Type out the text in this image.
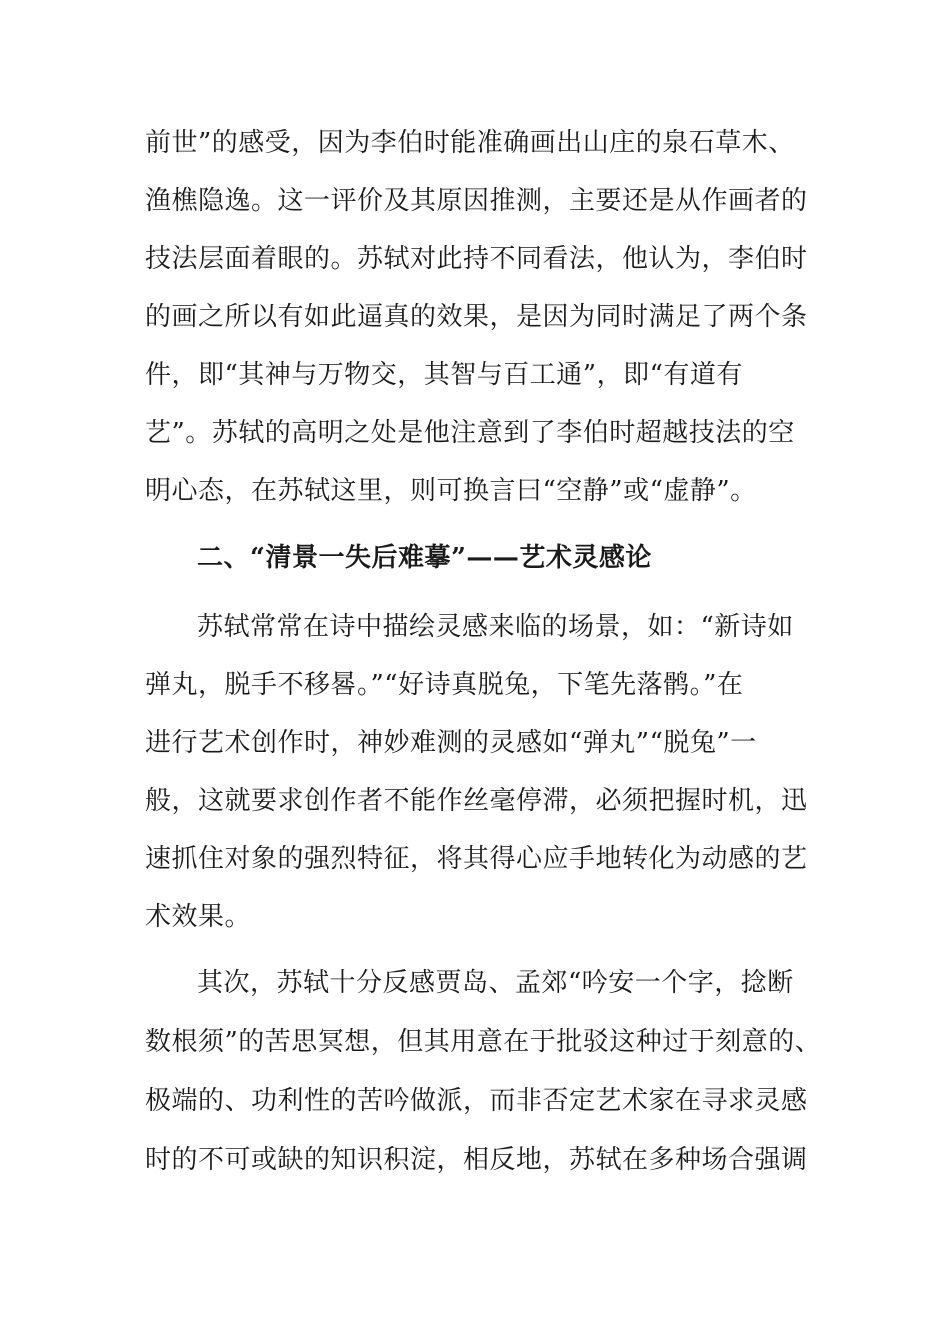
前世”的感受，因为李伯时能准确画出山庄的泉石草木、
渔樵隐逸。这一评价及其原因推测，主要还是从作画者的
技法层面着眼的。苏轼对此持不同看法，他认为，李伯时
的画之所以有如此逼真的效果，是因为同时满足了两个条
件，即“其神与万物交，其智与百工通”，即“有道有
艺”。苏轼的高明之处是他注意到了李伯时超越技法的空
明心态，在苏轼这里，则可换言曰“空静”或“虚静”。
二、“清景一失后难摹”——艺术灵感论
苏轼常常在诗中描绘灵感来临的场景，如：“新诗如
弹丸，脱手不移晷。”“好诗真脱兔，下笔先落鹘。”在
进行艺术创作时，神妙难测的灵感如“弹丸”“脱兔”一
般，这就要求创作者不能作丝毫停滞，必须把握时机，迅
速抓住对象的强烈特征，将其得心应手地转化为动感的艺
术效果。
其次，苏轼十分反感贾岛、孟郊“吟安一个字，捻断
数根须”的苦思冥想，但其用意在于批驳这种过于刻意的、
极端的、功利性的苦吟做派，而非否定艺术家在寻求灵感
时的不可或缺的知识积淀，相反地，苏轼在多种场合强调
